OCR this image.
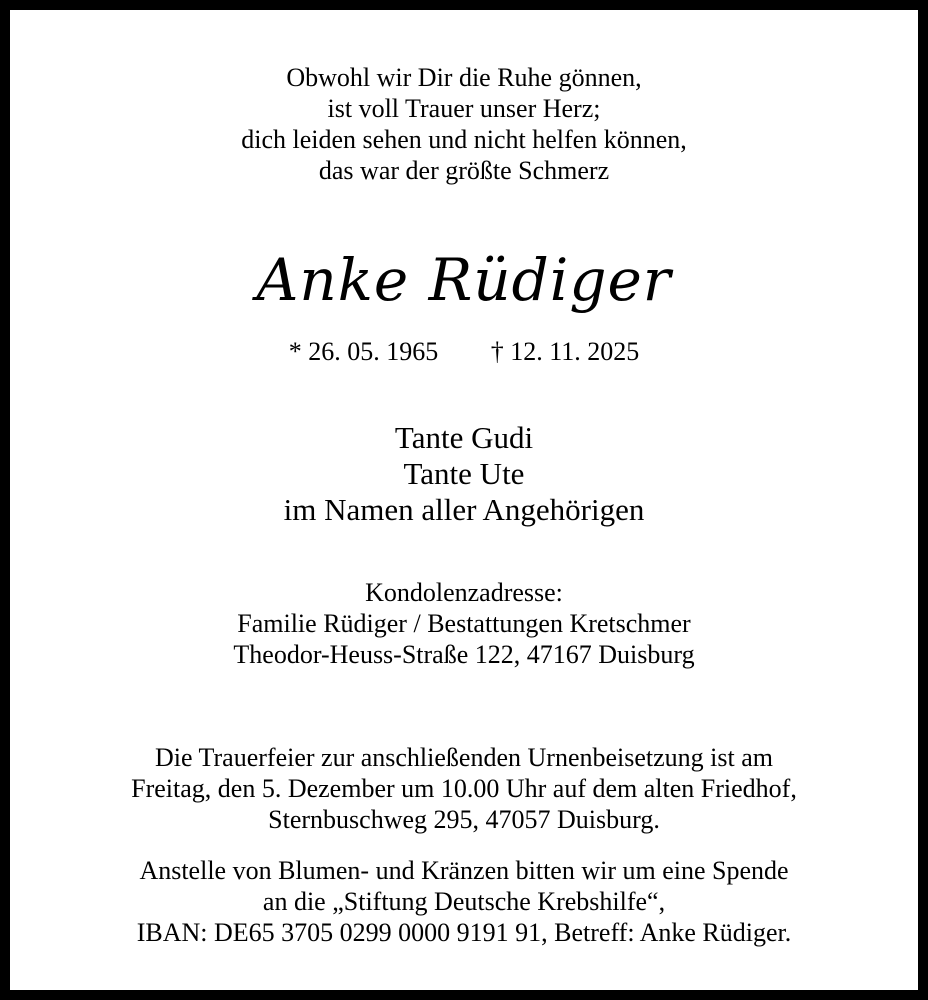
Obwohl wir Dir die Ruhe gönnen,
ist voll Trauer unser Herz;
dich leiden sehen und nicht helfen können,
das war der größte Schmerz
Anke Rüdiger
* 26. 05. 1965 † 12. 11. 2025
Tante Gudi
Tante Ute
im Namen aller Angehörigen
Kondolenzadresse:
Familie Rüdiger / Bestattungen Kretschmer
Theodor-Heuss-Straße 122, 47167 Duisburg
Die Trauerfeier zur anschließenden Urnenbeisetzung ist am
Freitag, den 5. Dezember um 10.00 Uhr auf dem alten Friedhof,
Sternbuschweg 295, 47057 Duisburg.
Anstelle von Blumen- und Kränzen bitten wir um eine Spende
an die „Stiftung Deutsche Krebshilfe“,
IBAN: DE65 3705 0299 0000 9191 91, Betreff: Anke Rüdiger.
